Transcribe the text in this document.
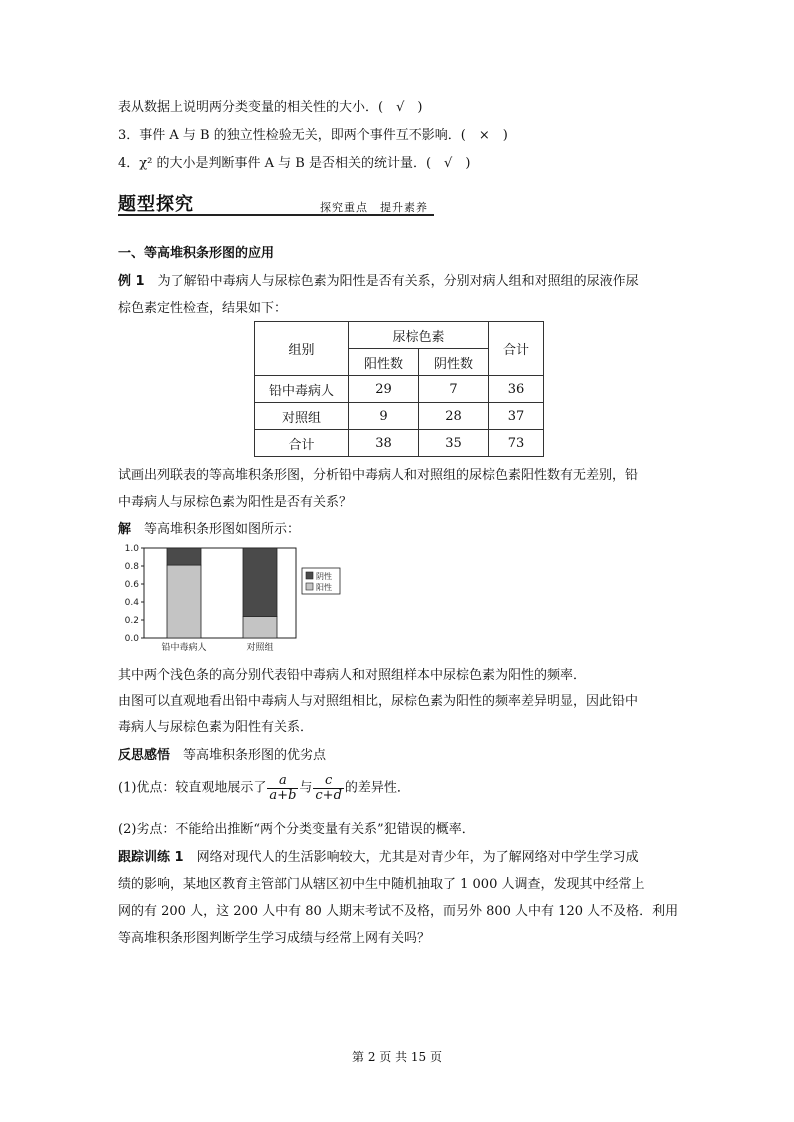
表从数据上说明两分类变量的相关性的大小．(　√　)
3．事件 A 与 B 的独立性检验无关，即两个事件互不影响．(　×　)
4．χ² 的大小是判断事件 A 与 B 是否相关的统计量．(　√　)
题型探究	探究重点　提升素养
一、等高堆积条形图的应用
例 1　 为了解铅中毒病人与尿棕色素为阳性是否有关系，分别对病人组和对照组的尿液作尿
棕色素定性检查，结果如下：
组别	尿棕色素		合计
	阳性数	阴性数	
铅中毒病人	29	7	36
对照组	9	28	37
合计	38	35	73
试画出列联表的等高堆积条形图，分析铅中毒病人和对照组的尿棕色素阳性数有无差别，铅
中毒病人与尿棕色素为阳性是否有关系？
解　 等高堆积条形图如图所示：
1.0
0.8
0.6
0.4
0.2
0.0
铅中毒病人	对照组
阴性
阳性
其中两个浅色条的高分别代表铅中毒病人和对照组样本中尿棕色素为阳性的频率．
由图可以直观地看出铅中毒病人与对照组相比，尿棕色素为阳性的频率差异明显，因此铅中
毒病人与尿棕色素为阳性有关系．
反思感悟　 等高堆积条形图的优劣点
(1)优点：较直观地展示了 $\frac{a}{a+b}$ 与 $\frac{c}{c+d}$ 的差异性．
(2)劣点：不能给出推断“两个分类变量有关系”犯错误的概率．
跟踪训练 1　 网络对现代人的生活影响较大，尤其是对青少年，为了解网络对中学生学习成
绩的影响，某地区教育主管部门从辖区初中生中随机抽取了 1 000 人调查，发现其中经常上
网的有 200 人，这 200 人中有 80 人期末考试不及格，而另外 800 人中有 120 人不及格．利用
等高堆积条形图判断学生学习成绩与经常上网有关吗？
第 2 页 共 15 页
